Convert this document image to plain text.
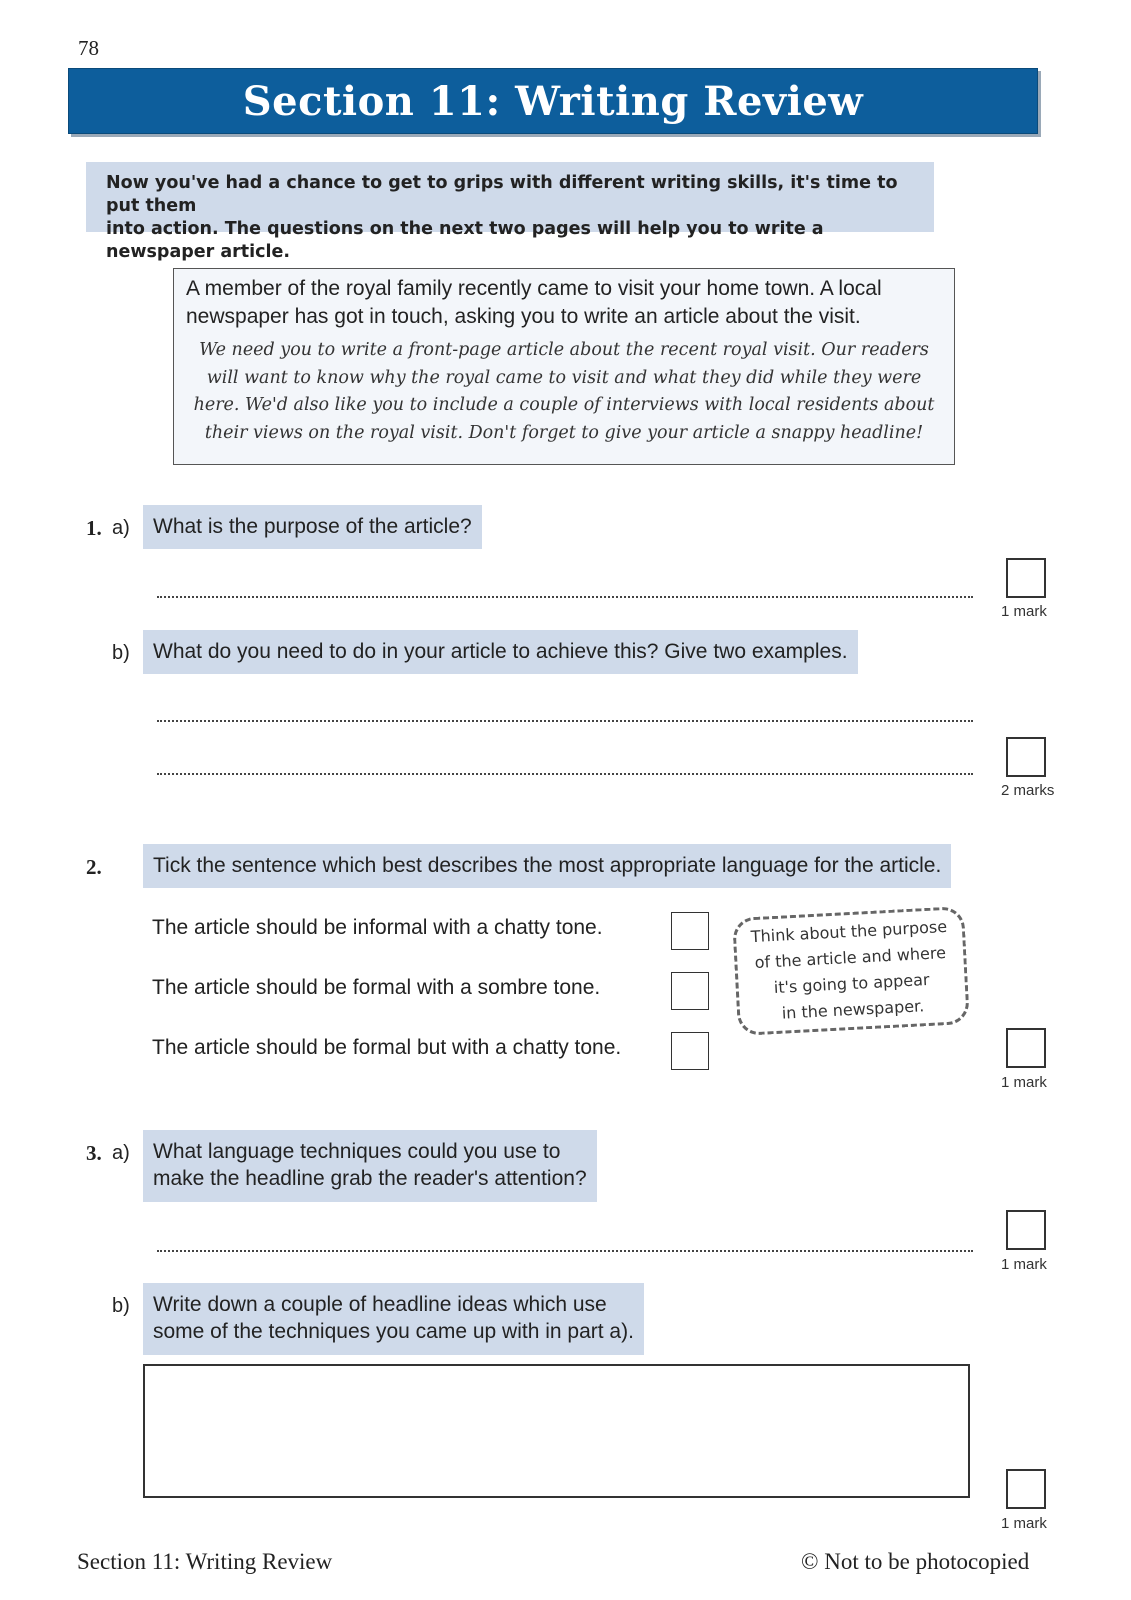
78
Section 11: Writing Review
Now you've had a chance to get to grips with different writing skills, it's time to put them
into action. The questions on the next two pages will help you to write a newspaper article.
A member of the royal family recently came to visit your home town. A local
newspaper has got in touch, asking you to write an article about the visit.
We need you to write a front-page article about the recent royal visit. Our readers
will want to know why the royal came to visit and what they did while they were
here. We'd also like you to include a couple of interviews with local residents about
their views on the royal visit. Don't forget to give your article a snappy headline!
1. a)	What is the purpose of the article?
1 mark
b)	What do you need to do in your article to achieve this? Give two examples.
2 marks
2.	Tick the sentence which best describes the most appropriate language for the article.
The article should be informal with a chatty tone.
The article should be formal with a sombre tone.
The article should be formal but with a chatty tone.
Think about the purpose
of the article and where
it's going to appear
in the newspaper.
1 mark
3. a) What language techniques could you use to
make the headline grab the reader's attention?
1 mark
b) Write down a couple of headline ideas which use
some of the techniques you came up with in part a).
1 mark
Section 11: Writing Review	© Not to be photocopied
